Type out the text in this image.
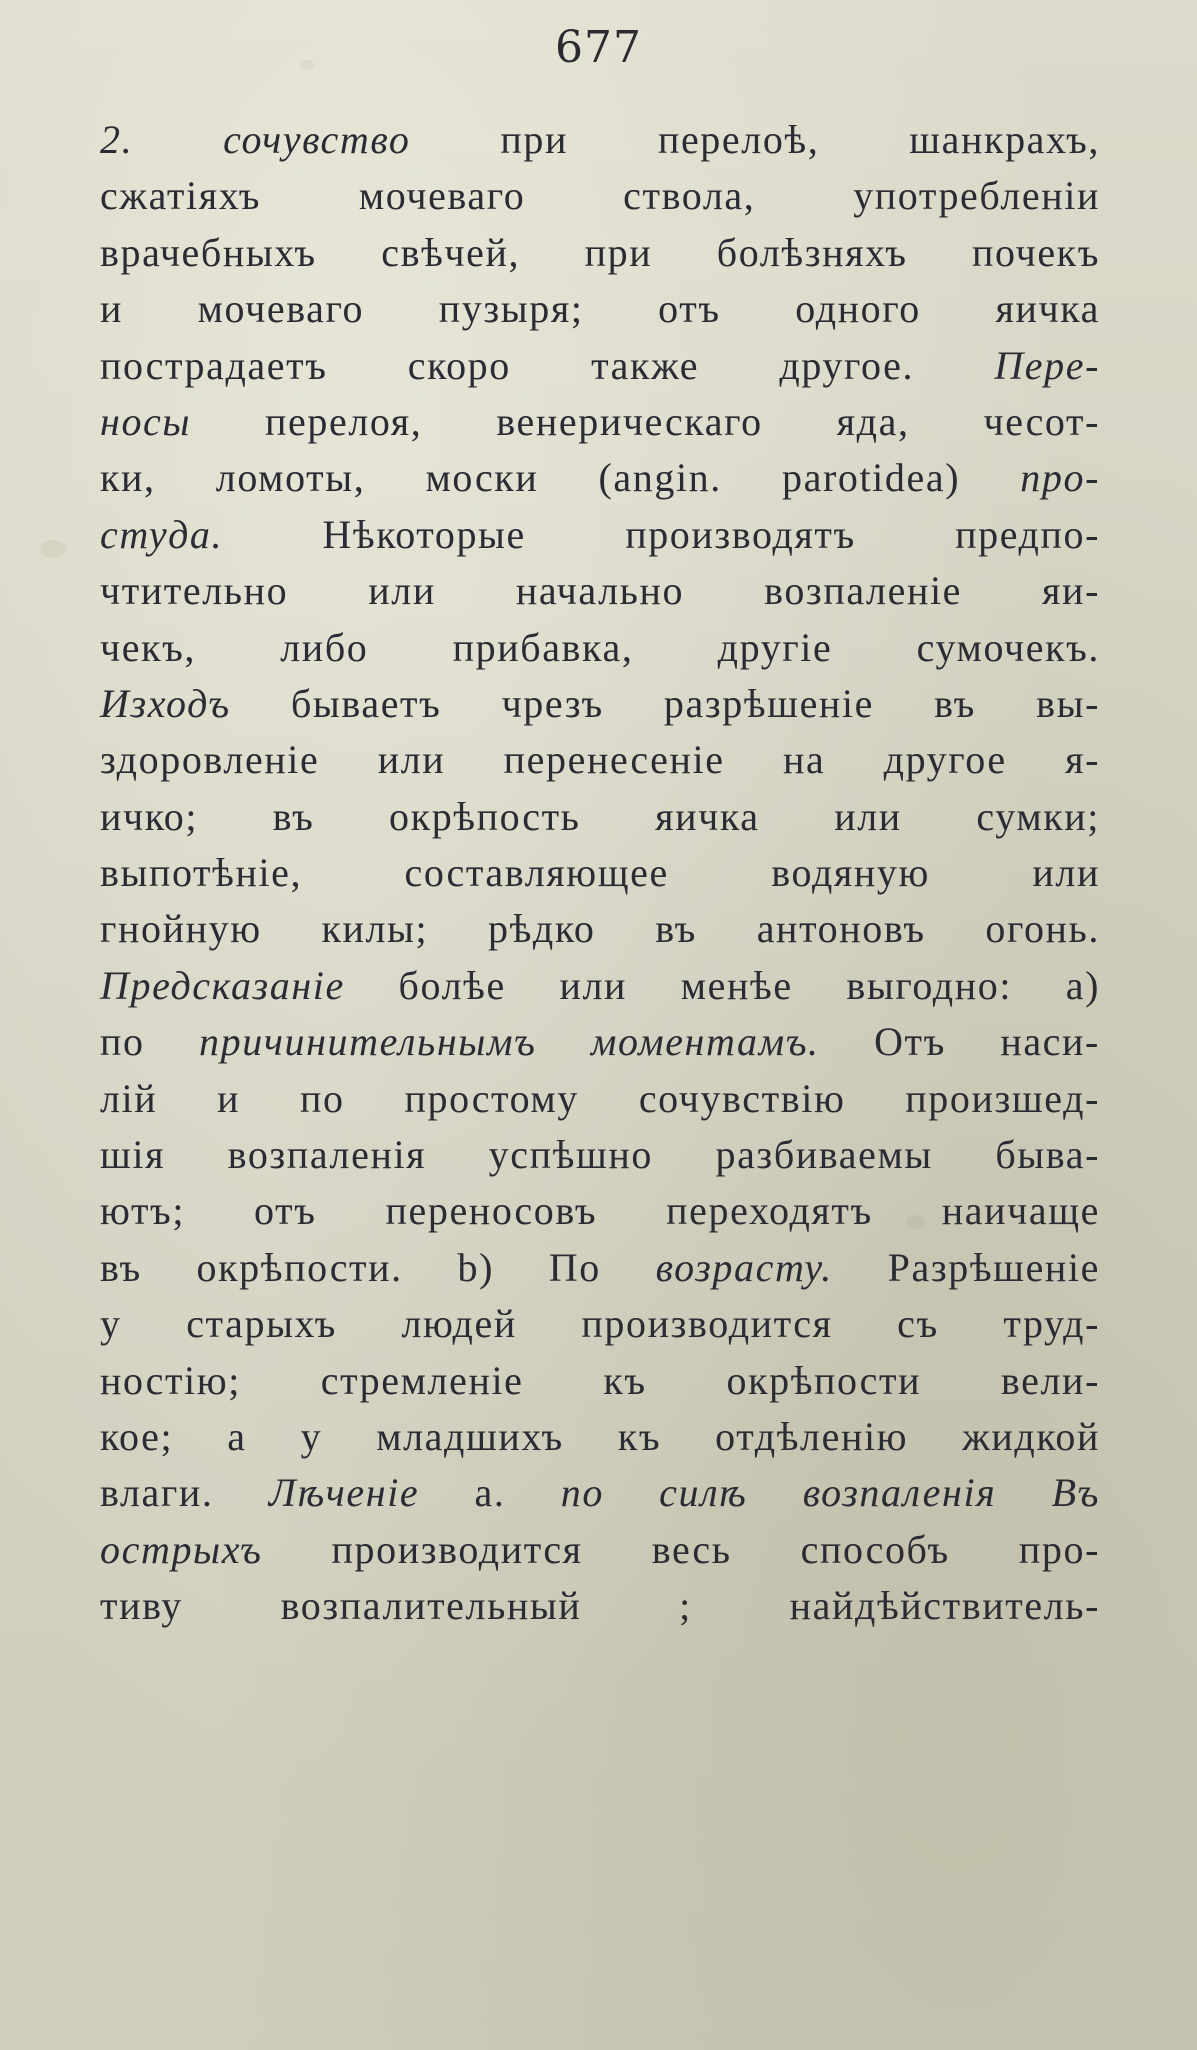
677
2. сочувство при перелоѣ, шанкрахъ,
сжатіяхъ мочеваго ствола, употребленіи
врачебныхъ свѣчей, при болѣзняхъ почекъ
и мочеваго пузыря; отъ одного яичка
пострадаетъ скоро также другое. Пере-
носы перелоя, венерическаго яда, чесот-
ки, ломоты, моски (angin. parotidea) про-
студа. Нѣкоторые производятъ предпо-
чтительно или начально возпаленіе яи-
чекъ, либо прибавка, другіе сумочекъ.
Изходъ бываетъ чрезъ разрѣшеніе въ вы-
здоровленіе или перенесеніе на другое я-
ичко; въ окрѣпость яичка или сумки;
выпотѣніе, составляющее водяную или
гнойную килы; рѣдко въ антоновъ огонь.
Предсказаніе болѣе или менѣе выгодно: a)
по причинительнымъ моментамъ. Отъ наси-
лій и по простому сочувствію произшед-
шія возпаленія успѣшно разбиваемы быва-
ютъ; отъ переносовъ переходятъ наичаще
въ окрѣпости. b) По возрасту. Разрѣшеніе
у старыхъ людей производится съ труд-
ностію; стремленіе къ окрѣпости вели-
кое; а у младшихъ къ отдѣленію жидкой
влаги. Лѣченіе a. по силѣ возпаленія Въ
острыхъ производится весь способъ про-
тиву возпалительный ; найдѣйствитель-
